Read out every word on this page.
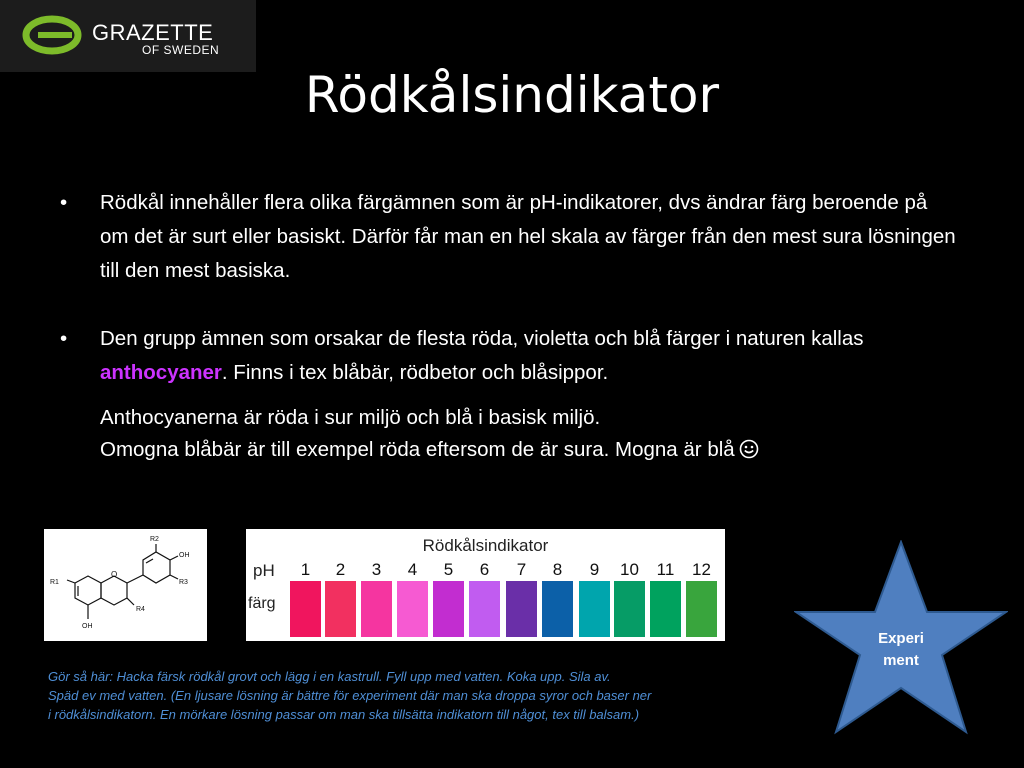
GRAZETTE
OF SWEDEN
Rödkålsindikator
• Rödkål innehåller flera olika färgämnen som är pH-indikatorer, dvs ändrar färg beroende på om det är surt eller basiskt. Därför får man en hel skala av färger från den mest sura lösningen till den mest basiska.
• Den grupp ämnen som orsakar de flesta röda, violetta och blå färger i naturen kallas anthocyaner. Finns i tex blåbär, rödbetor och blåsippor.
Anthocyanerna är röda i sur miljö och blå i basisk miljö.
Omogna blåbär är till exempel röda eftersom de är sura. Mogna är blå
R2
OH
R1
O
R3
R4
OH
Rödkålsindikator
pH
färg
1	2	3	4	5	6	7	8	9	10	11	12
Experi
ment
Gör så här: Hacka färsk rödkål grovt och lägg i en kastrull. Fyll upp med vatten. Koka upp. Sila av.
Späd ev med vatten. (En ljusare lösning är bättre för experiment där man ska droppa syror och baser ner
i rödkålsindikatorn. En mörkare lösning passar om man ska tillsätta indikatorn till något, tex till balsam.)
